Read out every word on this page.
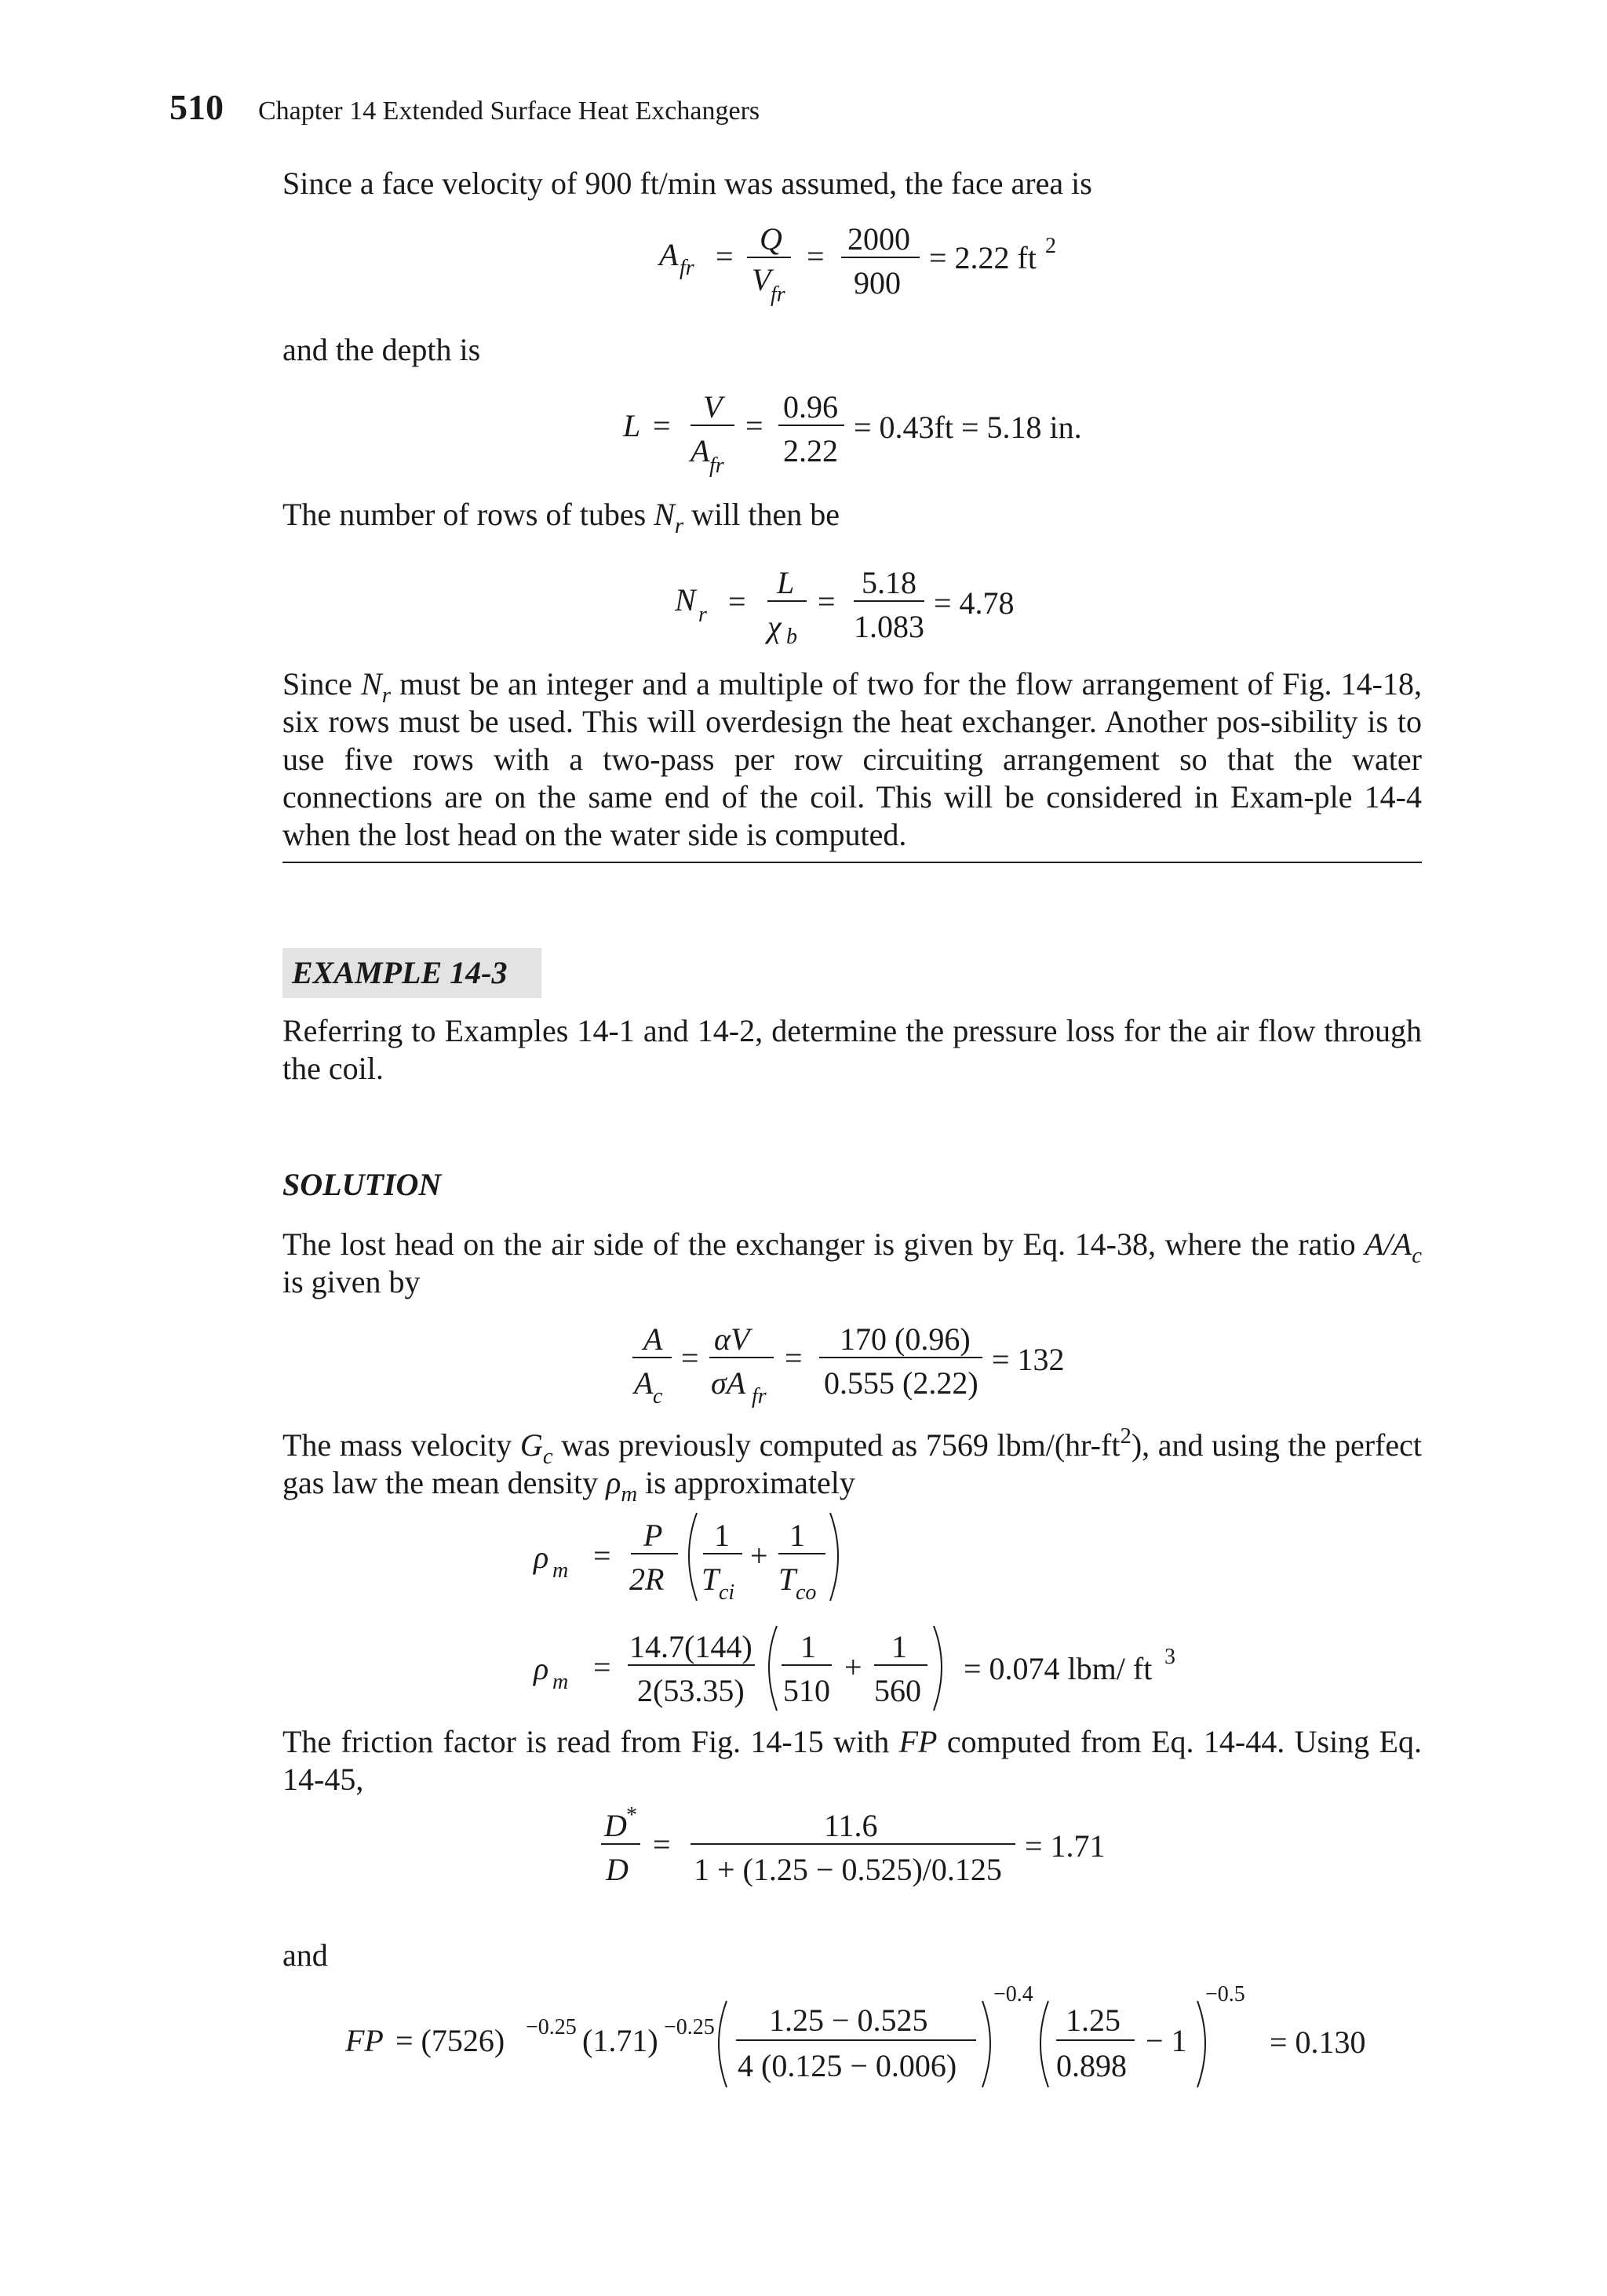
510 Chapter 14 Extended Surface Heat Exchangers
Since a face velocity of 900 ft/min was assumed, the face area is
A fr = Q
V fr
= 2000
900
= 2.22 ft 2
and the depth is
L =
V
A fr
=
0.96
2.22
= 0.43ft = 5.18 in.
The number of rows of tubes $N_r$ will then be
N r =
L
χ b
=
5.18
1.083
= 4.78
Since $N_r$ must be an integer and a multiple of two for the flow arrangement of Fig. 14-18, six rows must be used. This will overdesign the heat exchanger. Another pos-sibility is to use five rows with a two-pass per row circuiting arrangement so that the water connections are on the same end of the coil. This will be considered in Exam-ple 14-4 when the lost head on the water side is computed.
EXAMPLE 14-3
Referring to Examples 14-1 and 14-2, determine the pressure loss for the air flow through the coil.
SOLUTION
The lost head on the air side of the exchanger is given by Eq. 14-38, where the ratio $A/A_c$ is given by
A
A c
=
αV
σA fr
=
170 (0.96)
0.555 (2.22)
= 132
The mass velocity $G_c$ was previously computed as 7569 lbm/$(hr-ft^2)$, and using the perfect gas law the mean density $\rho_m$ is approximately
ρ m =
P
2R
1
T ci
+
1
T co
ρ m =
14.7(144)
2(53.35)
1
510
+
1
560
= 0.074 lbm/ ft 3
The friction factor is read from Fig. 14-15 with FP computed from Eq. 14-44. Using Eq. 14-45,
D *
D
=
11.6
1 + (1.25 − 0.525)/0.125
= 1.71
and
FP = (7526) −0.25 (1.71) −0.25 1.25 − 0.525
4 (0.125 − 0.006)
−0.4
1.25
0.898
− 1
−0.5
= 0.130
